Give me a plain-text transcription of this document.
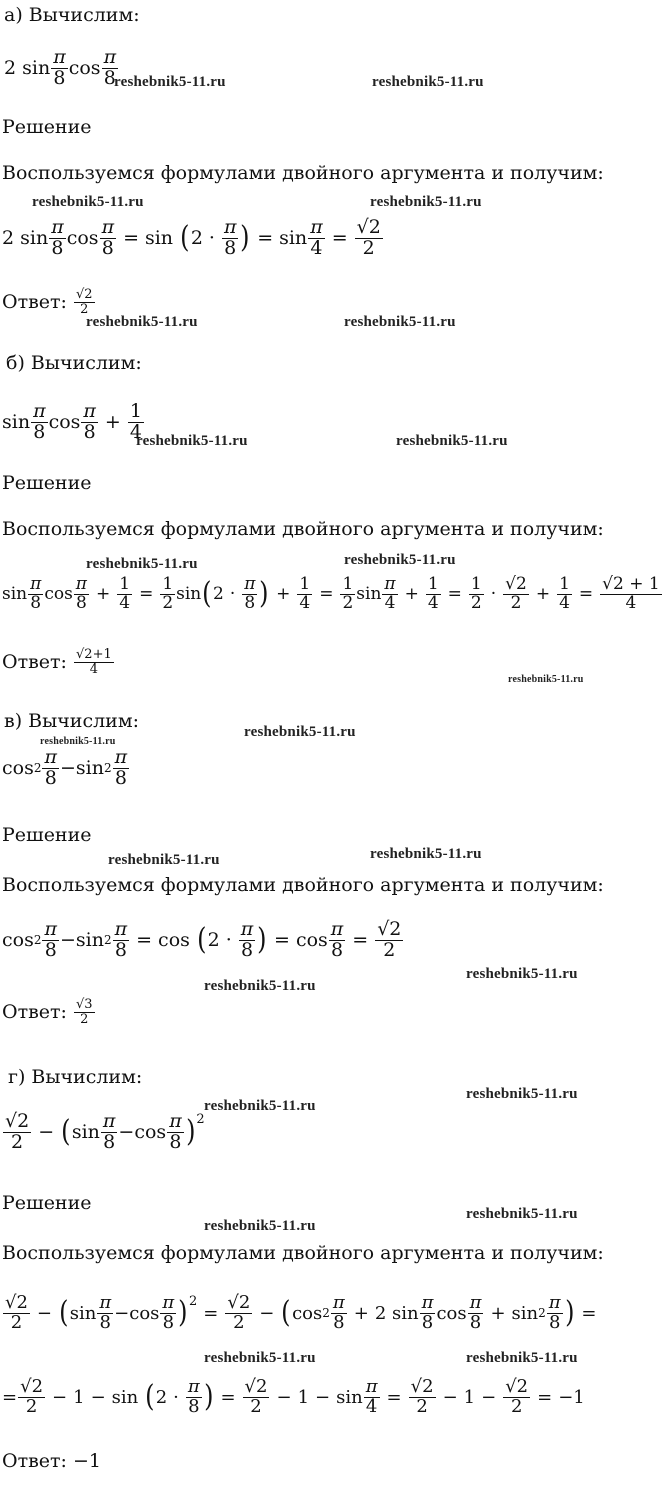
а) Вычислим:
2
$\sin \frac{\pi}{8}$ $\cos \frac{\pi}{8}$
reshebnik5-11.ru	reshebnik5-11.ru
Решение
Воспользуемся формулами двойного аргумента и получим:
reshebnik5-11.ru	reshebnik5-11.ru
2
$\sin \frac{\pi}{8}$ $\cos \frac{\pi}{8} = \sin$
( $2 \cdot \frac{\pi}{8}$ ) = $\sin \frac{\pi}{4} = \frac{√2}{2}$
Ответ:
$\frac{√2}{2}$
reshebnik5-11.ru	reshebnik5-11.ru
б) Вычислим:
$\sin \frac{\pi}{8}$ $\cos \frac{\pi}{8} + \frac{1}{4}$
reshebnik5-11.ru	reshebnik5-11.ru
Решение
Воспользуемся формулами двойного аргумента и получим:
reshebnik5-11.ru	reshebnik5-11.ru
$\sin \frac{\pi}{8}$ $\cos \frac{\pi}{8} + \frac{1}{4} = \frac{1}{2}$ sin ( $2 \cdot \frac{\pi}{8}$ ) + $\frac{1}{4} = \frac{1}{2}$ $\sin \frac{\pi}{4} + \frac{1}{4} = \frac{1}{2} \cdot \frac{√2}{2} + \frac{1}{4} = \frac{√2 + 1}{4}$
Ответ:
$\frac{√2+1}{4}$
reshebnik5-11.ru
в) Вычислим:
reshebnik5-11.ru
reshebnik5-11.ru
$\cos 2 \frac{\pi}{8} - \sin 2 \frac{\pi}{8}$
Решение
reshebnik5-11.ru	reshebnik5-11.ru
Воспользуемся формулами двойного аргумента и получим:
$\cos 2 \frac{\pi}{8} - \sin 2 \frac{\pi}{8} = \cos$
( $2 \cdot \frac{\pi}{8}$ ) = $\cos \frac{\pi}{8} = \frac{√2}{2}$
reshebnik5-11.ru
reshebnik5-11.ru
Ответ:
$\frac{√3}{2}$
г) Вычислим:
reshebnik5-11.ru
reshebnik5-11.ru
$\frac{√2}{2}$ − ( $\sin \frac{\pi}{8} - \cos \frac{\pi}{8}$ ) 2
Решение	reshebnik5-11.ru
reshebnik5-11.ru
Воспользуемся формулами двойного аргумента и получим:
$\frac{√2}{2}$ − ( $\sin \frac{\pi}{8} - \cos \frac{\pi}{8}$ ) 2
= $\frac{√2}{2}$ − ( $\cos 2 \frac{\pi}{8} + 2$
$\sin \frac{\pi}{8}$ $\cos \frac{\pi}{8} + \sin 2 \frac{\pi}{8}$ ) =
reshebnik5-11.ru	reshebnik5-11.ru
= $\frac{√2}{2} - 1 - \sin$
( $2 \cdot \frac{\pi}{8}$ ) = $\frac{√2}{2} - 1 - \sin \frac{\pi}{4} = \frac{√2}{2} - 1 - \frac{√2}{2} = -1$
Ответ:
−1
